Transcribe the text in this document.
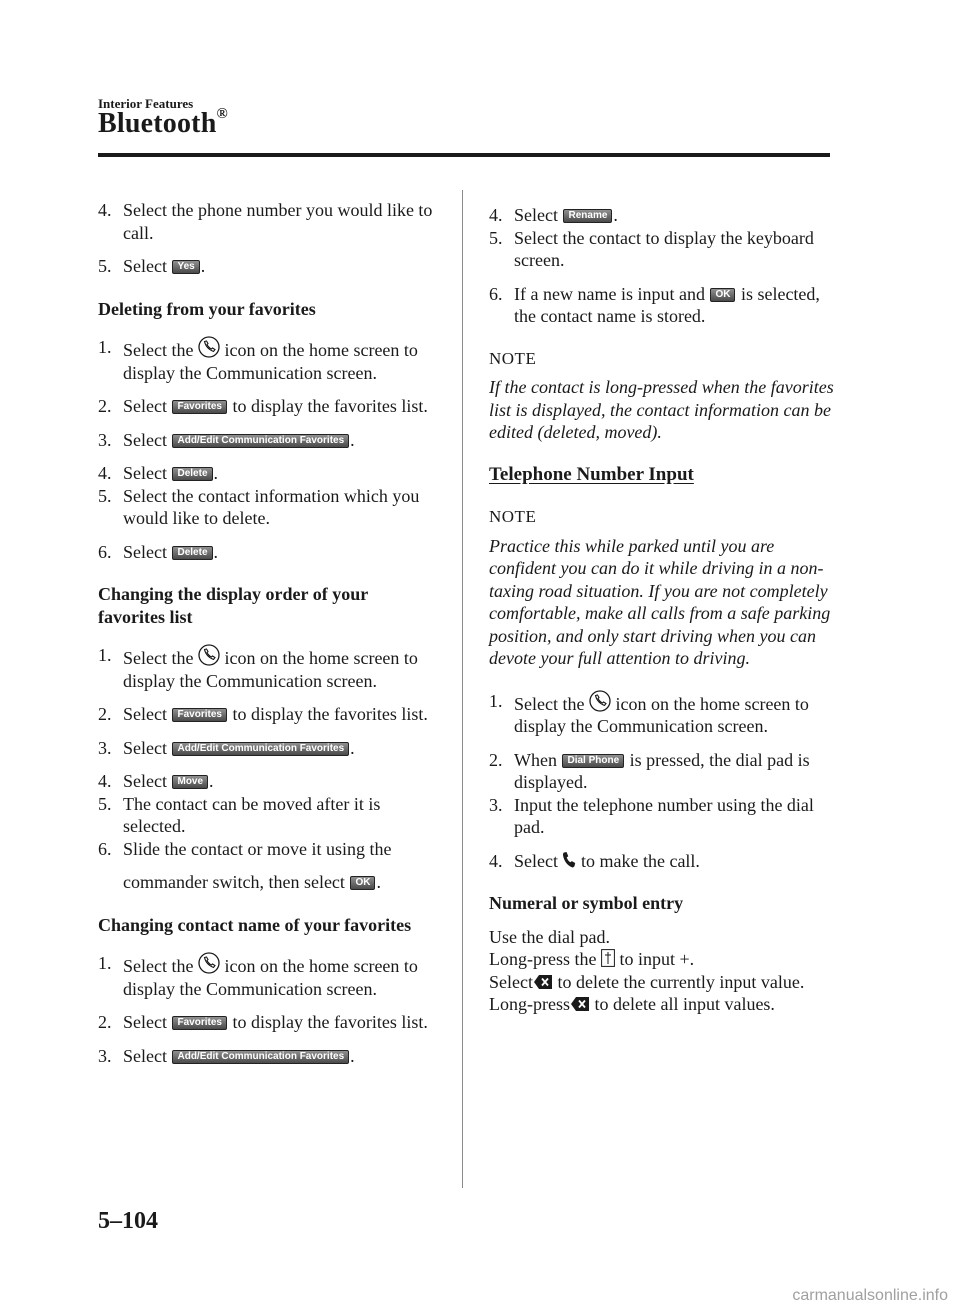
Interior Features
Bluetooth®
4. Select the phone number you would like to call.
5. Select Yes .
Deleting from your favorites
1. Select the icon on the home screen to display the Communication screen.
2. Select Favorites to display the favorites list.
3. Select Add/Edit Communication Favorites .
4. Select Delete .
5. Select the contact information which you would like to delete.
6. Select Delete .
Changing the display order of your favorites list
1. Select the icon on the home screen to display the Communication screen.
2. Select Favorites to display the favorites list.
3. Select Add/Edit Communication Favorites .
4. Select Move .
5. The contact can be moved after it is selected.
6. Slide the contact or move it using the
commander switch, then select OK .
Changing contact name of your favorites
1. Select the icon on the home screen to display the Communication screen.
2. Select Favorites to display the favorites list.
3. Select Add/Edit Communication Favorites .
4. Select Rename .
5. Select the contact to display the keyboard screen.
6. If a new name is input and OK is selected, the contact name is stored.
NOTE
If the contact is long-pressed when the favorites list is displayed, the contact information can be edited (deleted, moved).
Telephone Number Input
NOTE
Practice this while parked until you are confident you can do it while driving in a non-taxing road situation. If you are not completely comfortable, make all calls from a safe parking position, and only start driving when you can devote your full attention to driving.
1. Select the icon on the home screen to display the Communication screen.
2. When Dial Phone is pressed, the dial pad is displayed.
3. Input the telephone number using the dial pad.
4. Select to make the call.
Numeral or symbol entry
Use the dial pad.
Long-press the to input +.
Select to delete the currently input value.
Long-press to delete all input values.
5–104
carmanualsonline.info
